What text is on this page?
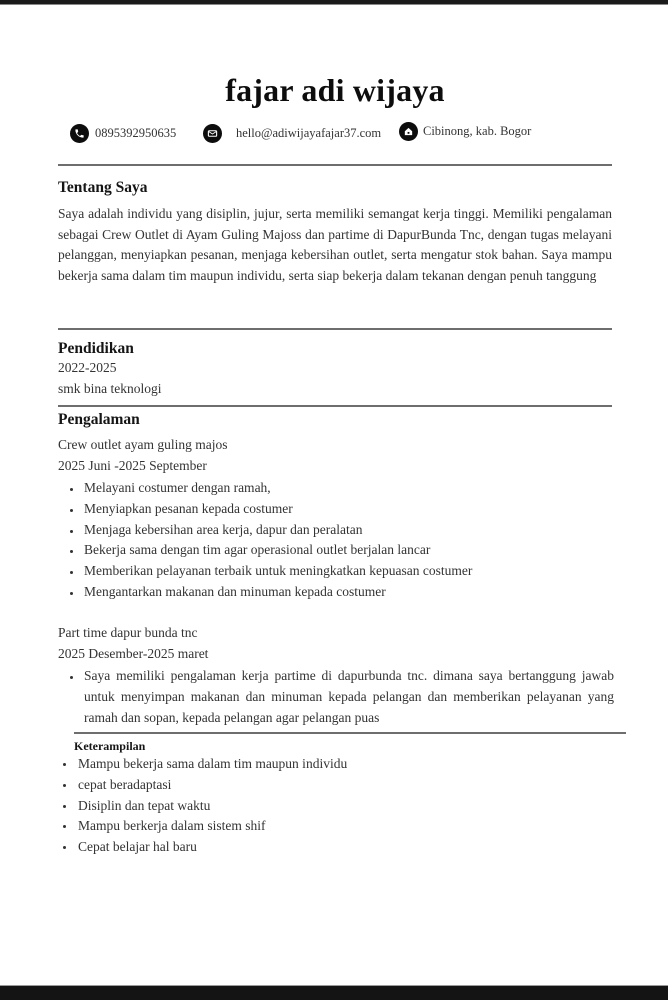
fajar adi wijaya
0895392950635	hello@adiwijayafajar37.com	Cibinong, kab. Bogor
Tentang Saya
Saya adalah individu yang disiplin, jujur, serta memiliki semangat kerja tinggi. Memiliki pengalaman sebagai Crew Outlet di Ayam Guling Majoss dan partime di DapurBunda Tnc, dengan tugas melayani pelanggan, menyiapkan pesanan, menjaga kebersihan outlet, serta mengatur stok bahan. Saya mampu bekerja sama dalam tim maupun individu, serta siap bekerja dalam tekanan dengan penuh tanggung
Pendidikan
2022-2025
smk bina teknologi
Pengalaman
Crew outlet ayam guling majos
2025 Juni -2025 September
Melayani costumer dengan ramah,
Menyiapkan pesanan kepada costumer
Menjaga kebersihan area kerja, dapur dan peralatan
Bekerja sama dengan tim agar operasional outlet berjalan lancar
Memberikan pelayanan terbaik untuk meningkatkan kepuasan costumer
Mengantarkan makanan dan minuman kepada costumer
Part time dapur bunda tnc
2025 Desember-2025 maret
Saya memiliki pengalaman kerja partime di dapurbunda tnc. dimana saya bertanggung jawab untuk menyimpan makanan dan minuman kepada pelangan dan memberikan pelayanan yang ramah dan sopan, kepada pelangan agar pelangan puas
Keterampilan
Mampu bekerja sama dalam tim maupun individu
cepat beradaptasi
Disiplin dan tepat waktu
Mampu berkerja dalam sistem shif
Cepat belajar hal baru
